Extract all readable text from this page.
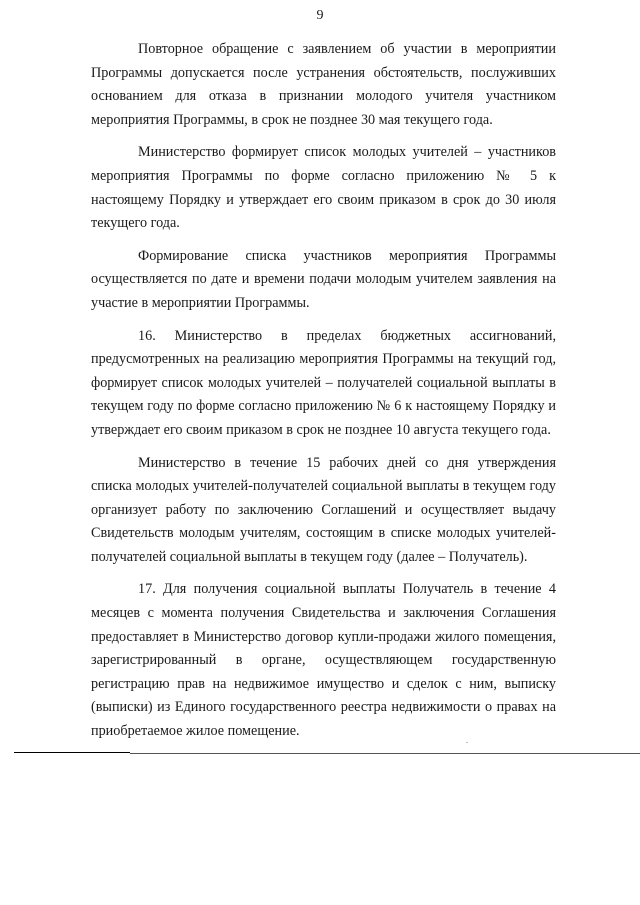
9

Повторное обращение с заявлением об участии в мероприятии Программы допускается после устранения обстоятельств, послуживших основанием для отказа в признании молодого учителя участником мероприятия Программы, в срок не позднее 30 мая текущего года.

Министерство формирует список молодых учителей – участников мероприятия Программы по форме согласно приложению № 5 к настоящему Порядку и утверждает его своим приказом в срок до 30 июля текущего года.

Формирование списка участников мероприятия Программы осуществляется по дате и времени подачи молодым учителем заявления на участие в мероприятии Программы.

16. Министерство в пределах бюджетных ассигнований, предусмотренных на реализацию мероприятия Программы на текущий год, формирует список молодых учителей – получателей социальной выплаты в текущем году по форме согласно приложению № 6 к настоящему Порядку и утверждает его своим приказом в срок не позднее 10 августа текущего года.

Министерство в течение 15 рабочих дней со дня утверждения списка молодых учителей-получателей социальной выплаты в текущем году организует работу по заключению Соглашений и осуществляет выдачу Свидетельств молодым учителям, состоящим в списке молодых учителей-получателей социальной выплаты в текущем году (далее – Получатель).

17. Для получения социальной выплаты Получатель в течение 4 месяцев с момента получения Свидетельства и заключения Соглашения предоставляет в Министерство договор купли-продажи жилого помещения, зарегистрированный в органе, осуществляющем государственную регистрацию прав на недвижимое имущество и сделок с ним, выписку (выписки) из Единого государственного реестра недвижимости о правах на приобретаемое жилое помещение.
